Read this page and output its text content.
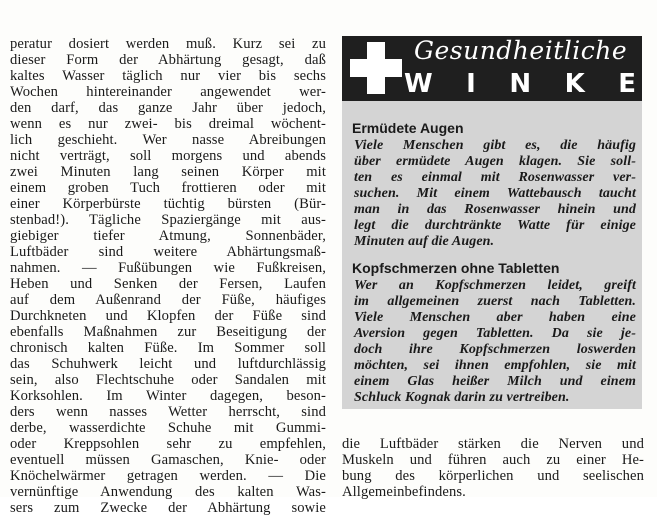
peratur dosiert werden muß. Kurz sei zu
dieser Form der Abhärtung gesagt, daß
kaltes Wasser täglich nur vier bis sechs
Wochen hintereinander angewendet wer-
den darf, das ganze Jahr über jedoch,
wenn es nur zwei- bis dreimal wöchent-
lich geschieht. Wer nasse Abreibungen
nicht verträgt, soll morgens und abends
zwei Minuten lang seinen Körper mit
einem groben Tuch frottieren oder mit
einer Körperbürste tüchtig bürsten (Bür-
stenbad!). Tägliche Spaziergänge mit aus-
giebiger tiefer Atmung, Sonnenbäder,
Luftbäder sind weitere Abhärtungsmaß-
nahmen. — Fußübungen wie Fußkreisen,
Heben und Senken der Fersen, Laufen
auf dem Außenrand der Füße, häufiges
Durchkneten und Klopfen der Füße sind
ebenfalls Maßnahmen zur Beseitigung der
chronisch kalten Füße. Im Sommer soll
das Schuhwerk leicht und luftdurchlässig
sein, also Flechtschuhe oder Sandalen mit
Korksohlen. Im Winter dagegen, beson-
ders wenn nasses Wetter herrscht, sind
derbe, wasserdichte Schuhe mit Gummi-
oder Kreppsohlen sehr zu empfehlen,
eventuell müssen Gamaschen, Knie- oder
Knöchelwärmer getragen werden. — Die
vernünftige Anwendung des kalten Was-
sers zum Zwecke der Abhärtung sowie
Gesundheitliche
W I N K E
Ermüdete Augen
Viele Menschen gibt es, die häufig
über ermüdete Augen klagen. Sie soll-
ten es einmal mit Rosenwasser ver-
suchen. Mit einem Wattebausch taucht
man in das Rosenwasser hinein und
legt die durchtränkte Watte für einige
Minuten auf die Augen.
Kopfschmerzen ohne Tabletten
Wer an Kopfschmerzen leidet, greift
im allgemeinen zuerst nach Tabletten.
Viele Menschen aber haben eine
Aversion gegen Tabletten. Da sie je-
doch ihre Kopfschmerzen loswerden
möchten, sei ihnen empfohlen, sie mit
einem Glas heißer Milch und einem
Schluck Kognak darin zu vertreiben.
die Luftbäder stärken die Nerven und
Muskeln und führen auch zu einer He-
bung des körperlichen und seelischen
Allgemeinbefindens.
